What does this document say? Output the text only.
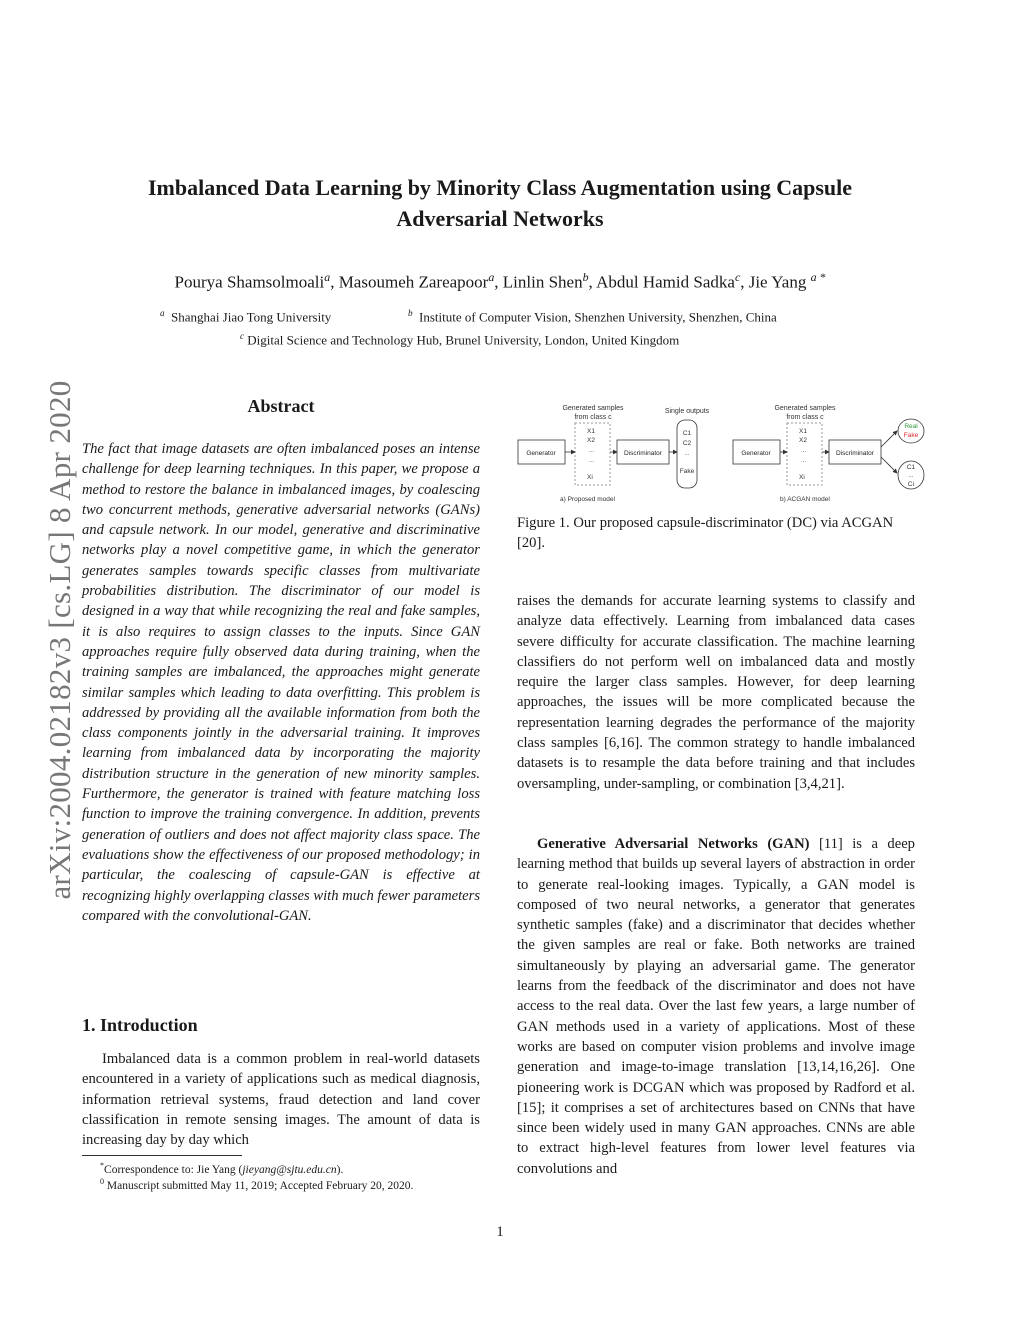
arXiv:2004.02182v3 [cs.LG] 8 Apr 2020
Imbalanced Data Learning by Minority Class Augmentation using Capsule
Adversarial Networks
Pourya Shamsolmoali$^a$, Masoumeh Zareapoor$^a$, Linlin Shen$^b$, Abdul Hamid Sadka$^c$, Jie Yang $^{a *}$
$^a$ Shanghai Jiao Tong University	$^b$ Institute of Computer Vision, Shenzhen University, Shenzhen, China
$^c$ Digital Science and Technology Hub, Brunel University, London, United Kingdom
Abstract
The fact that image datasets are often imbalanced poses an intense challenge for deep learning techniques. In this paper, we propose a method to restore the balance in imbalanced images, by coalescing two concurrent methods, generative adversarial networks (GANs) and capsule network. In our model, generative and discriminative networks play a novel competitive game, in which the generator generates samples towards specific classes from multivariate probabilities distribution. The discriminator of our model is designed in a way that while recognizing the real and fake samples, it is also requires to assign classes to the inputs. Since GAN approaches require fully observed data during training, when the training samples are imbalanced, the approaches might generate similar samples which leading to data overfitting. This problem is addressed by providing all the available information from both the class components jointly in the adversarial training. It improves learning from imbalanced data by incorporating the majority distribution structure in the generation of new minority samples. Furthermore, the generator is trained with feature matching loss function to improve the training convergence. In addition, prevents generation of outliers and does not affect majority class space. The evaluations show the effectiveness of our proposed methodology; in particular, the coalescing of capsule-GAN is effective at recognizing highly overlapping classes with much fewer parameters compared with the convolutional-GAN.
1. Introduction
Imbalanced data is a common problem in real-world datasets encountered in a variety of applications such as medical diagnosis, information retrieval systems, fraud detection and land cover classification in remote sensing images. The amount of data is increasing day by day which
*Correspondence to: Jie Yang (jieyang@sjtu.edu.cn).
$^0$ Manuscript submitted May 11, 2019; Accepted February 20, 2020.
Generated samples
from class c
X1
X2
...
...
Xi
Generator	Discriminator
Single outputs
C1
C2
...
Fake
a) Proposed model
Generated samples
from class c
X1
X2
...
...
Xi
Generator	Discriminator
Real
Fake
C1
...
Ci
b) ACGAN model
Figure 1. Our proposed capsule-discriminator (DC) via ACGAN [20].
raises the demands for accurate learning systems to classify and analyze data effectively. Learning from imbalanced data cases severe difficulty for accurate classification. The machine learning classifiers do not perform well on imbalanced data and mostly require the larger class samples. However, for deep learning approaches, the issues will be more complicated because the representation learning degrades the performance of the majority class samples [6,16]. The common strategy to handle imbalanced datasets is to resample the data before training and that includes oversampling, under-sampling, or combination [3,4,21].
Generative Adversarial Networks (GAN) [11] is a deep learning method that builds up several layers of abstraction in order to generate real-looking images. Typically, a GAN model is composed of two neural networks, a generator that generates synthetic samples (fake) and a discriminator that decides whether the given samples are real or fake. Both networks are trained simultaneously by playing an adversarial game. The generator learns from the feedback of the discriminator and does not have access to the real data. Over the last few years, a large number of GAN methods used in a variety of applications. Most of these works are based on computer vision problems and involve image generation and image-to-image translation [13,14,16,26]. One pioneering work is DCGAN which was proposed by Radford et al. [15]; it comprises a set of architectures based on CNNs that have since been widely used in many GAN approaches. CNNs are able to extract high-level features from lower level features via convolutions and
1
